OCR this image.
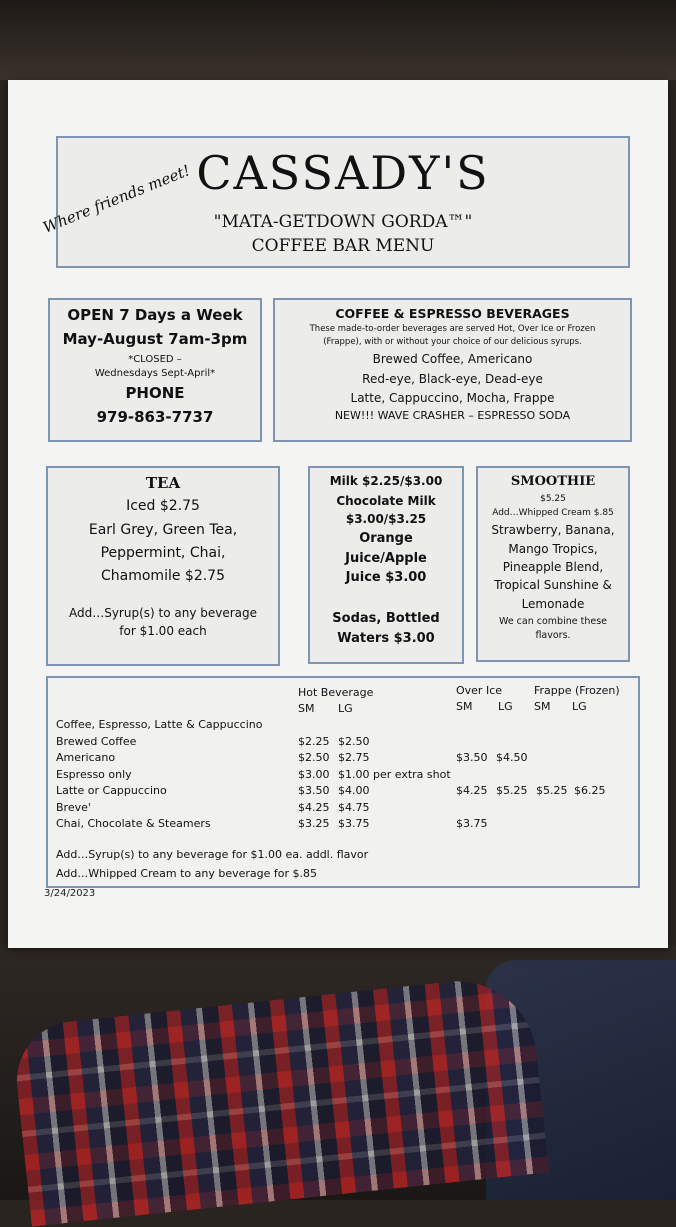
CASSADY'S
Where friends meet!	"MATA-GETDOWN GORDA™"
COFFEE BAR MENU
OPEN 7 Days a Week
May-August 7am-3pm
*CLOSED –
Wednesdays Sept-April*
PHONE
979-863-7737
COFFEE & ESPRESSO BEVERAGES
These made-to-order beverages are served Hot, Over Ice or Frozen
(Frappe), with or without your choice of our delicious syrups.
Brewed Coffee, Americano
Red-eye, Black-eye, Dead-eye
Latte, Cappuccino, Mocha, Frappe
NEW!!! WAVE CRASHER – ESPRESSO SODA
TEA
Iced $2.75
Earl Grey, Green Tea,
Peppermint, Chai,
Chamomile $2.75
Add…Syrup(s) to any beverage
for $1.00 each
Milk $2.25/$3.00
Chocolate Milk
$3.00/$3.25
Orange
Juice/Apple
Juice $3.00
Sodas, Bottled
Waters $3.00
SMOOTHIE
$5.25
Add…Whipped Cream $.85
Strawberry, Banana,
Mango Tropics,
Pineapple Blend,
Tropical Sunshine &
Lemonade
We can combine these
flavors.
Hot Beverage	Over Ice	Frappe (Frozen)
SM LG	SM LG SM LG
Coffee, Espresso, Latte & Cappuccino
Brewed Coffee	$2.25 $2.50
Americano	$2.50 $2.75	$3.50 $4.50
Espresso only	$3.00 $1.00 per extra shot
Latte or Cappuccino	$3.50 $4.00	$4.25 $5.25 $5.25 $6.25
Breve'	$4.25 $4.75
Chai, Chocolate & Steamers	$3.25 $3.75	$3.75
Add…Syrup(s) to any beverage for $1.00 ea. addl. flavor
Add…Whipped Cream to any beverage for $.85
3/24/2023
